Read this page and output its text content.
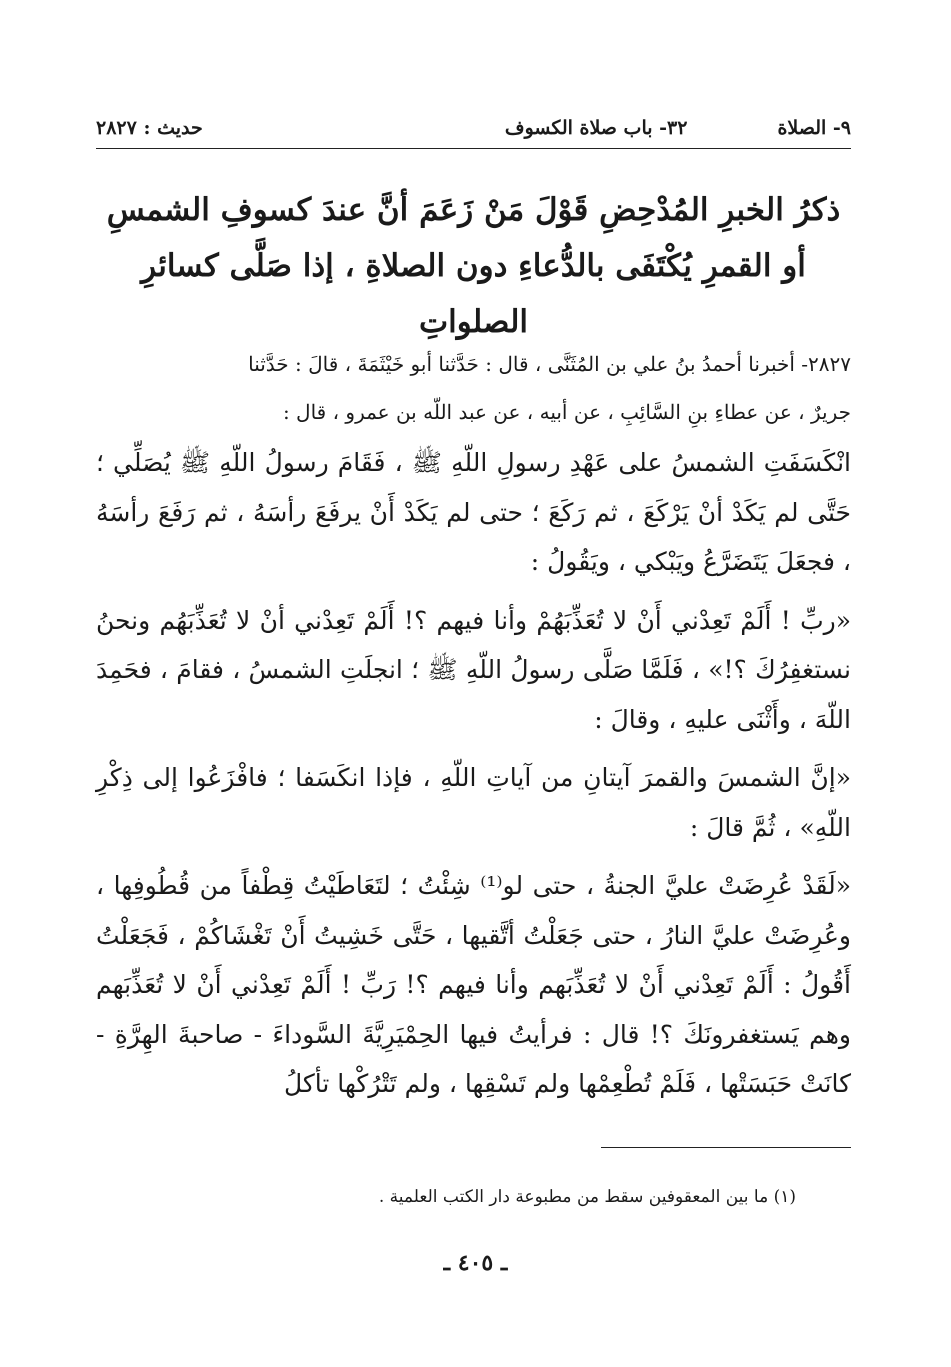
٩- الصلاة
٣٢- باب صلاة الكسوف
حديث : ٢٨٢٧
ذكرُ الخبرِ المُدْحِضِ قَوْلَ مَنْ زَعَمَ أنَّ عندَ كسوفِ الشمسِ
أو القمرِ يُكْتَفَى بالدُّعاءِ دون الصلاةِ ، إذا صَلَّى كسائرِ
الصلواتِ

٢٨٢٧- أخبرنا أحمدُ بنُ علي بن المُثَنَّى ، قال : حَدَّثنا أبو خَيْثَمَةَ ، قالَ : حَدَّثنا

جريرٌ ، عن عطاءِ بنِ السَّائِبِ ، عن أبيه ، عن عبد اللّه بن عمرو ، قال :

انْكَسَفَتِ الشمسُ على عَهْدِ رسولِ اللّهِ ﷺ ، فَقَامَ رسولُ اللّهِ ﷺ يُصَلِّي ؛ حَتَّى لم يَكَدْ أنْ يَرْكَعَ ، ثم رَكَعَ ؛ حتى لم يَكَدْ أَنْ يرفَعَ رأسَهُ ، ثم رَفَعَ رأسَهُ ، فجعَلَ يَتَضَرَّعُ ويَبْكي ، ويَقُولُ :

«ربِّ ! أَلَمْ تَعِدْني أَنْ لا تُعَذِّبَهُمْ وأنا فيهم ؟! أَلَمْ تَعِدْني أنْ لا تُعَذِّبَهُم ونحنُ نستغفِرُكَ ؟!» ، فَلَمَّا صَلَّى رسولُ اللّهِ ﷺ ؛ انجلَتِ الشمسُ ، فقامَ ، فحَمِدَ اللّهَ ، وأَثْنَى عليهِ ، وقالَ :

«إنَّ الشمسَ والقمرَ آيتانِ من آياتِ اللّهِ ، فإذا انكَسَفا ؛ فافْزَعُوا إلى ذِكْرِ اللّهِ» ، ثُمَّ قالَ :

«لَقَدْ عُرِضَتْ عليَّ الجنةُ ، حتى لو⁽¹⁾ شِئْتُ ؛ لتَعَاطَيْتُ قِطْفاً من قُطُوفِها ، وعُرِضَتْ عليَّ النارُ ، حتى جَعَلْتُ أتَّقيها ، حَتَّى خَشِيتُ أَنْ تَغْشَاكُمْ ، فَجَعَلْتُ أَقُولُ : أَلَمْ تَعِدْني أَنْ لا تُعَذِّبَهم وأنا فيهم ؟! رَبِّ ! أَلَمْ تَعِدْني أَنْ لا تُعَذِّبَهم وهم يَستغفرونَكَ ؟! قال : فرأيتُ فيها الحِمْيَرِيَّةَ السَّوداءَ - صاحبةَ الهِرَّةِ - كانَتْ حَبَسَتْها ، فَلَمْ تُطْعِمْها ولم تَسْقِها ، ولم تَتْرُكْها تأكلُ

(١) ما بين المعقوفين سقط من مطبوعة دار الكتب العلمية .
ـ ٤٠٥ ـ
